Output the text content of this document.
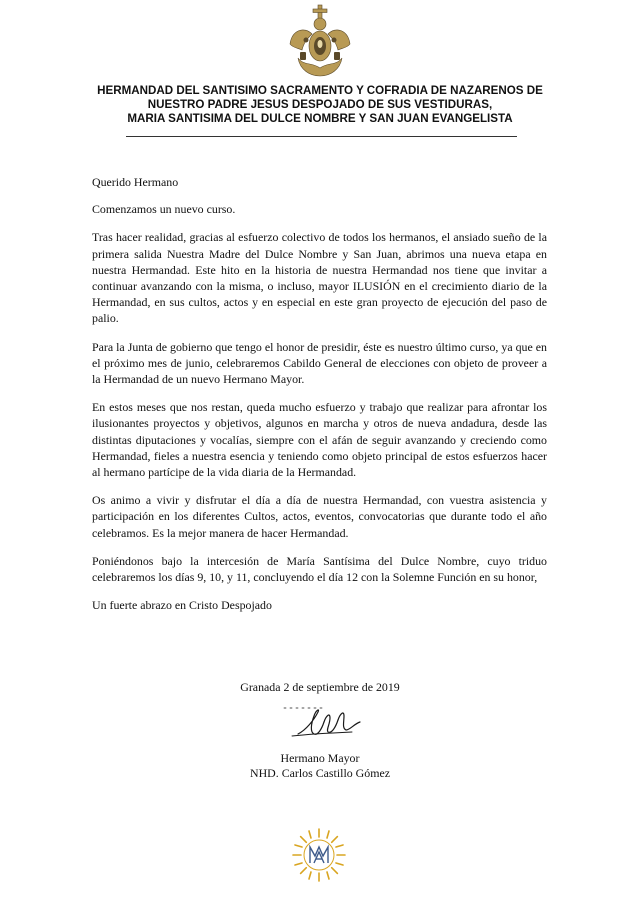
HERMANDAD DEL SANTISIMO SACRAMENTO Y COFRADIA DE NAZARENOS DE
NUESTRO PADRE JESUS DESPOJADO DE SUS VESTIDURAS,
MARIA SANTISIMA DEL DULCE NOMBRE Y SAN JUAN EVANGELISTA

Querido Hermano

Comenzamos un nuevo curso.

Tras hacer realidad, gracias al esfuerzo colectivo de todos los hermanos, el ansiado sueño de la primera salida Nuestra Madre del Dulce Nombre y San Juan, abrimos una nueva etapa en nuestra Hermandad. Este hito en la historia de nuestra Hermandad nos tiene que invitar a continuar avanzando con la misma, o incluso, mayor ILUSIÓN en el crecimiento diario de la Hermandad, en sus cultos, actos y en especial en este gran proyecto de ejecución del paso de palio.

Para la Junta de gobierno que tengo el honor de presidir, éste es nuestro último curso, ya que en el próximo mes de junio, celebraremos Cabildo General de elecciones con objeto de proveer a la Hermandad de un nuevo Hermano Mayor.

En estos meses que nos restan, queda mucho esfuerzo y trabajo que realizar para afrontar los ilusionantes proyectos y objetivos, algunos en marcha y otros de nueva andadura, desde las distintas diputaciones y vocalías, siempre con el afán de seguir avanzando y creciendo como Hermandad, fieles a nuestra esencia y teniendo como objeto principal de estos esfuerzos hacer al hermano partícipe de la vida diaria de la Hermandad.

Os animo a vivir y disfrutar el día a día de nuestra Hermandad, con vuestra asistencia y participación en los diferentes Cultos, actos, eventos, convocatorias que durante todo el año celebramos. Es la mejor manera de hacer Hermandad.

Poniéndonos bajo la intercesión de María Santísima del Dulce Nombre, cuyo triduo celebraremos los días 9, 10, y 11, concluyendo el día 12 con la Solemne Función en su honor,

Un fuerte abrazo en Cristo Despojado

Granada 2 de septiembre de 2019
Hermano Mayor
NHD. Carlos Castillo Gómez
